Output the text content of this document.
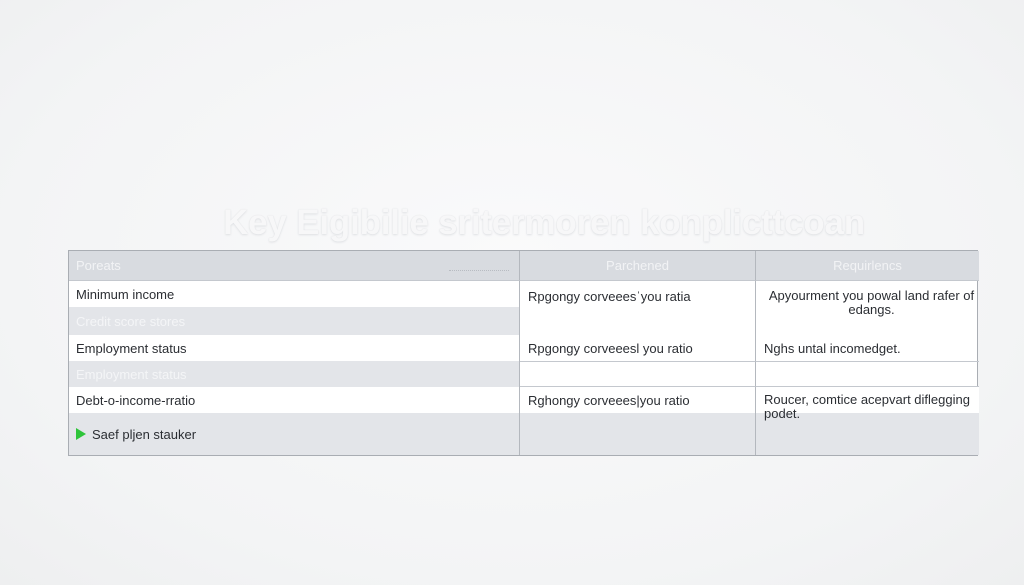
Key Eigibilie sritermoren konplicttcoan
Poreats	Parchened	Requirlencs
Minimum income	Rpgongy corveeesˈyou ratia	Apyourment you powal land rafer of edangs.
Credit score stores
Employment status	Rpgongy corveeesl you ratio	Nghs untal incomedget.
Employment status
Debt-o-income-rratio	Rghongy corveees|you ratio	Roucer, comtice acepvart diflegging podet.
Saef pljen stauker
